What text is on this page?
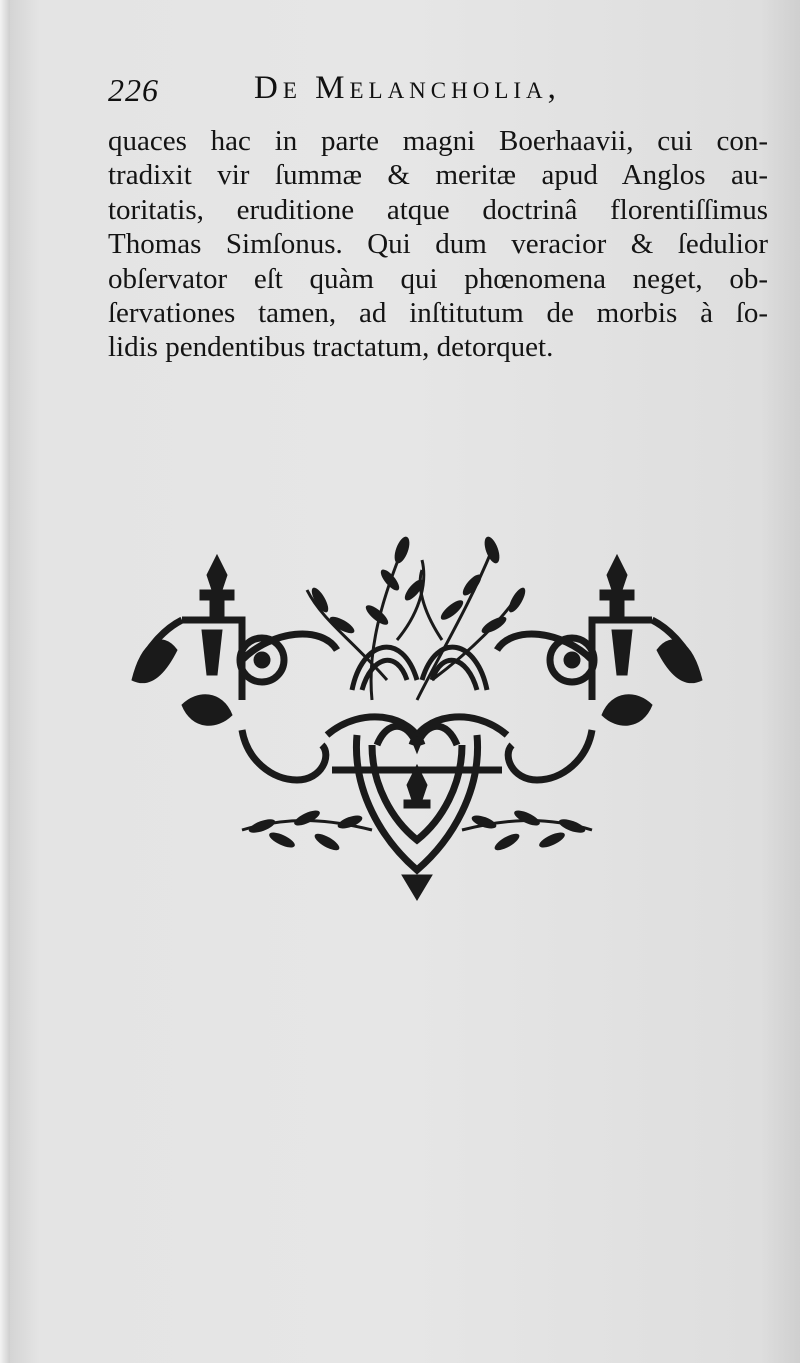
226	De Melancholia,
quaces hac in parte magni Boerhaavii, cui con-
tradixit vir ſummæ & meritæ apud Anglos au-
toritatis, eruditione atque doctrinâ florentiſſimus
Thomas Simſonus. Qui dum veracior & ſedulior
obſervator eſt quàm qui phœnomena neget, ob-
ſervationes tamen, ad inſtitutum de morbis à ſo-
lidis pendentibus tractatum, detorquet.
